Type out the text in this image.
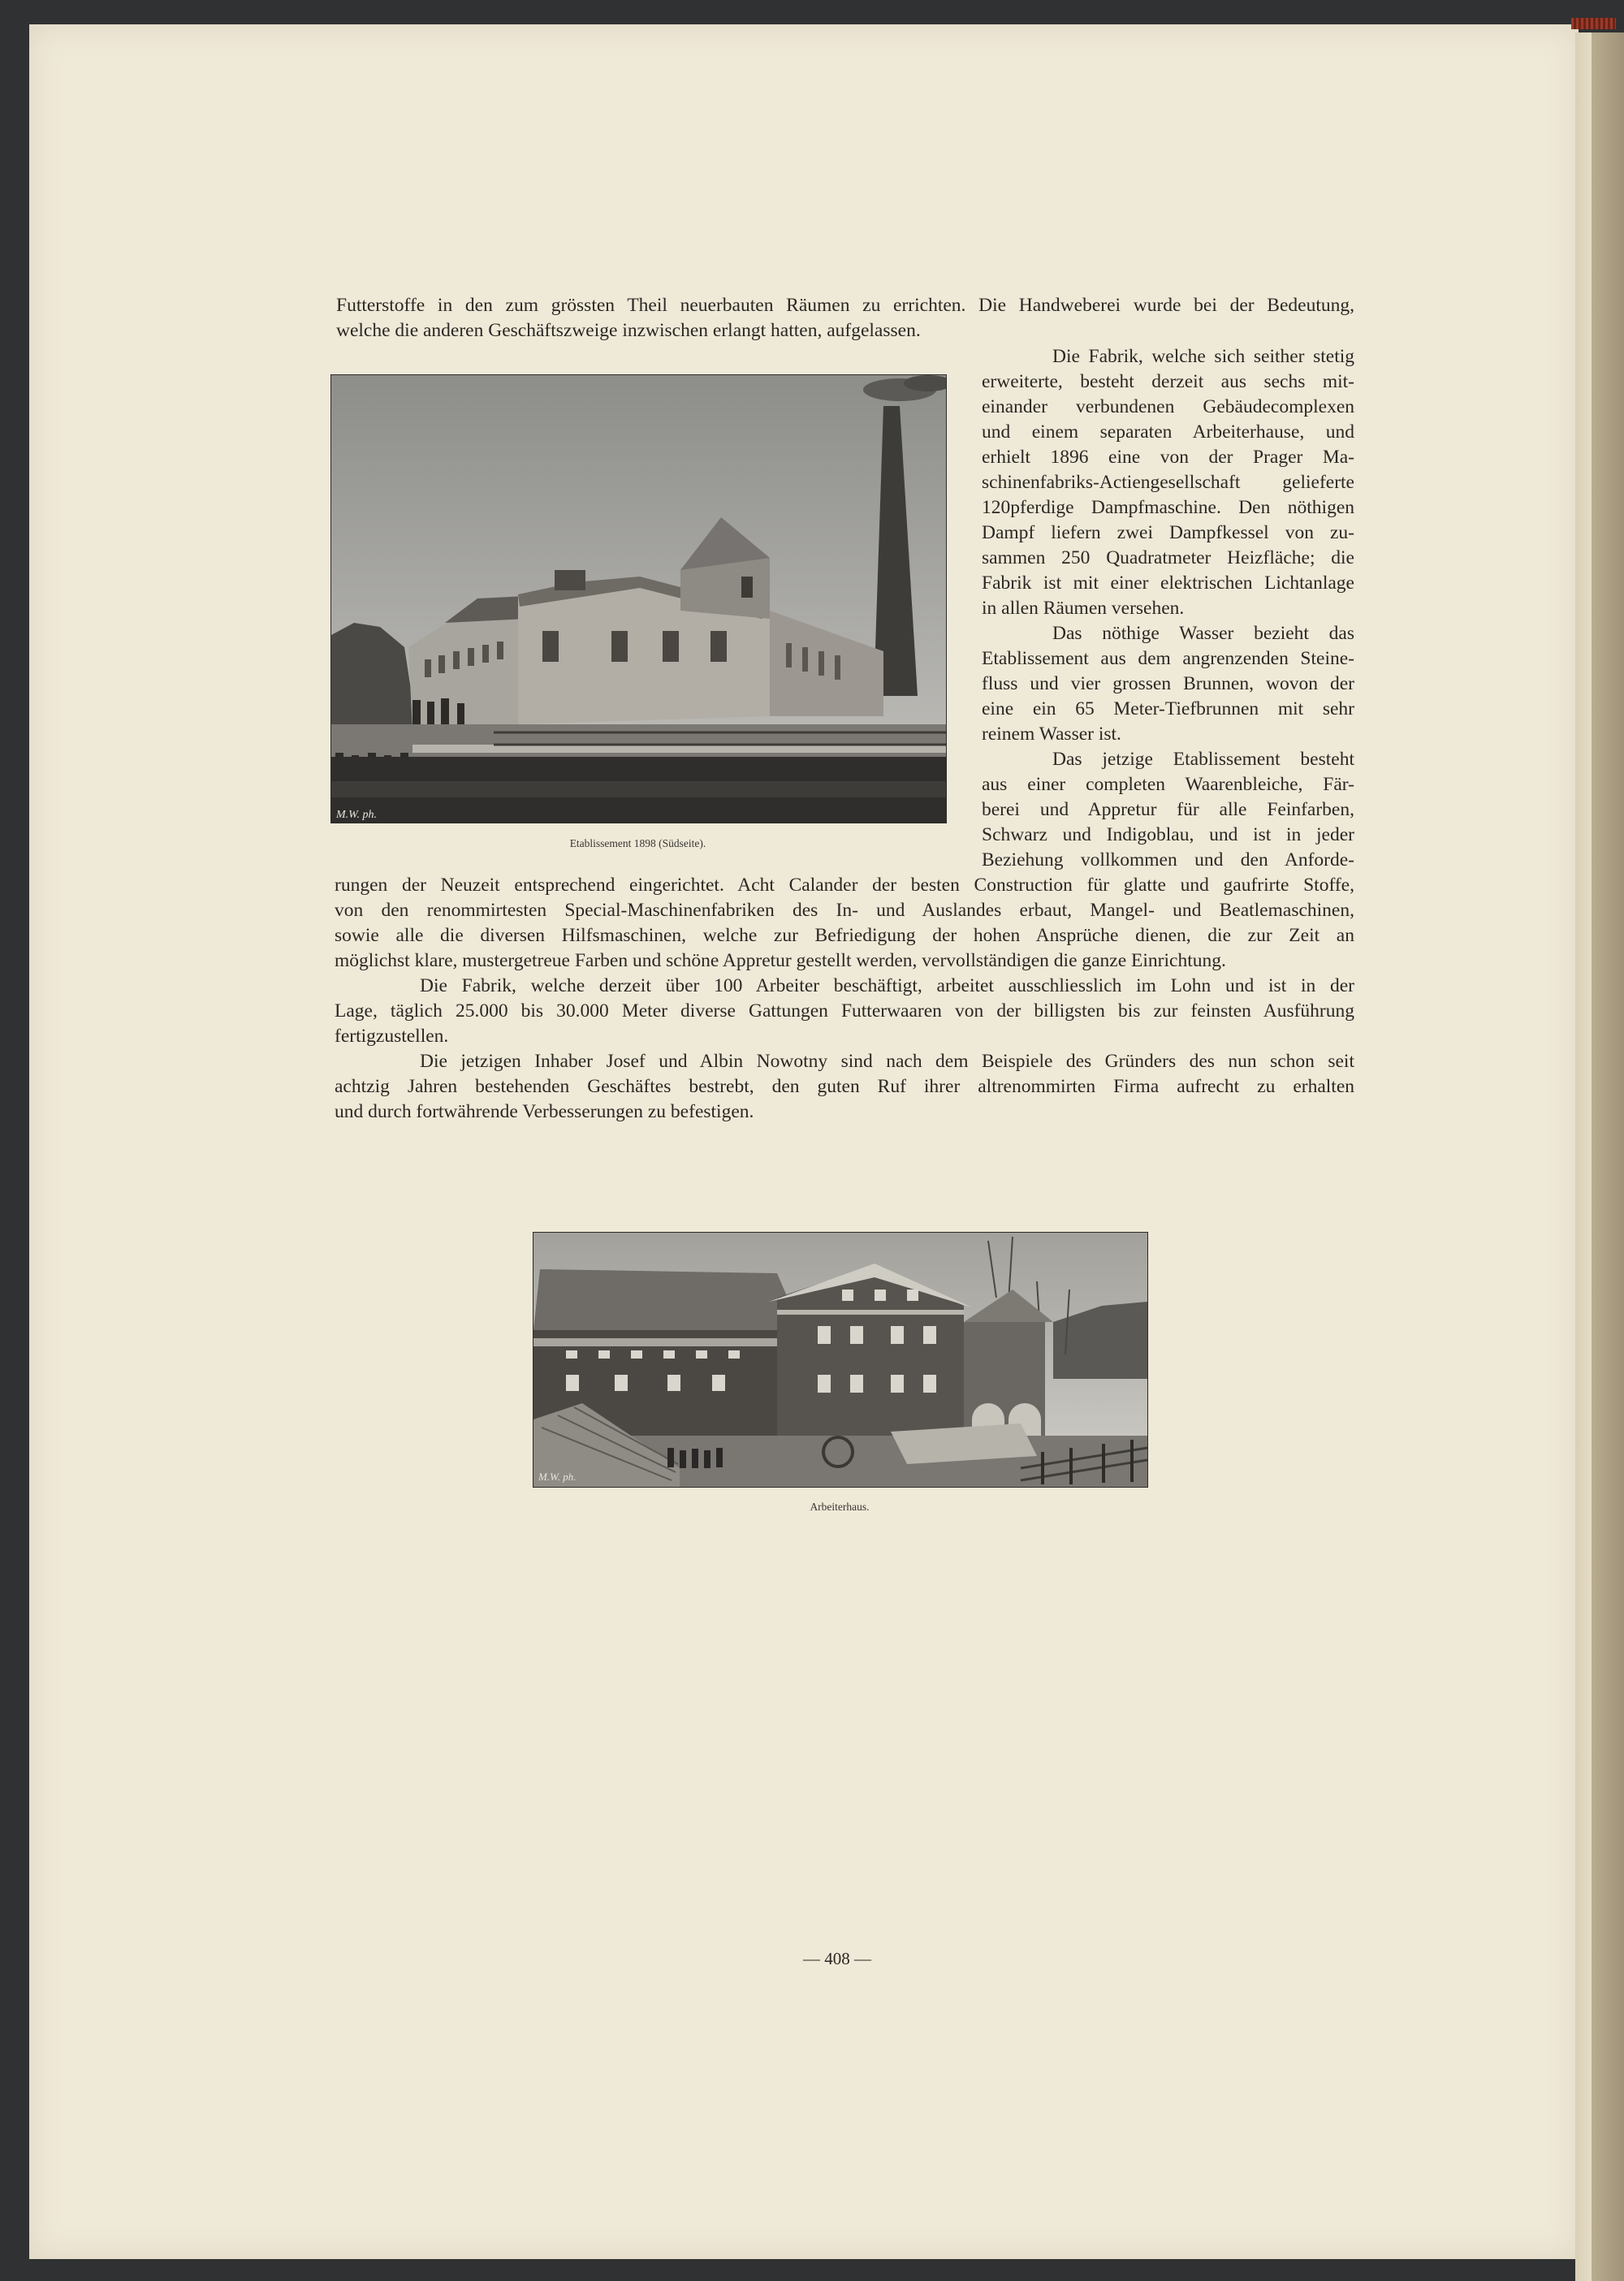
Futterstoffe in den zum grössten Theil neuerbauten Räumen zu errichten. Die Handweberei wurde bei der Bedeutung,
welche die anderen Geschäftszweige inzwischen erlangt hatten, aufgelassen.
Die Fabrik, welche sich seither stetig
erweiterte, besteht derzeit aus sechs mit-
einander verbundenen Gebäudecomplexen
und einem separaten Arbeiterhause, und
erhielt 1896 eine von der Prager Ma-
schinenfabriks-Actiengesellschaft gelieferte
120pferdige Dampfmaschine. Den nöthigen
Dampf liefern zwei Dampfkessel von zu-
sammen 250 Quadratmeter Heizfläche; die
Fabrik ist mit einer elektrischen Lichtanlage
in allen Räumen versehen.
Das nöthige Wasser bezieht das
Etablissement aus dem angrenzenden Steine-
fluss und vier grossen Brunnen, wovon der
eine ein 65 Meter-Tiefbrunnen mit sehr
reinem Wasser ist.
Das jetzige Etablissement besteht
aus einer completen Waarenbleiche, Fär-
berei und Appretur für alle Feinfarben,
Schwarz und Indigoblau, und ist in jeder
Beziehung vollkommen und den Anforde-
M.W. ph.
Etablissement 1898 (Südseite).
rungen der Neuzeit entsprechend eingerichtet. Acht Calander der besten Construction für glatte und gaufrirte Stoffe,
von den renommirtesten Special-Maschinenfabriken des In- und Auslandes erbaut, Mangel- und Beatlemaschinen,
sowie alle die diversen Hilfsmaschinen, welche zur Befriedigung der hohen Ansprüche dienen, die zur Zeit an
möglichst klare, mustergetreue Farben und schöne Appretur gestellt werden, vervollständigen die ganze Einrichtung.
Die Fabrik, welche derzeit über 100 Arbeiter beschäftigt, arbeitet ausschliesslich im Lohn und ist in der
Lage, täglich 25.000 bis 30.000 Meter diverse Gattungen Futterwaaren von der billigsten bis zur feinsten Ausführung
fertigzustellen.
Die jetzigen Inhaber Josef und Albin Nowotny sind nach dem Beispiele des Gründers des nun schon seit
achtzig Jahren bestehenden Geschäftes bestrebt, den guten Ruf ihrer altrenommirten Firma aufrecht zu erhalten
und durch fortwährende Verbesserungen zu befestigen.
M.W. ph.
Arbeiterhaus.
— 408 —
